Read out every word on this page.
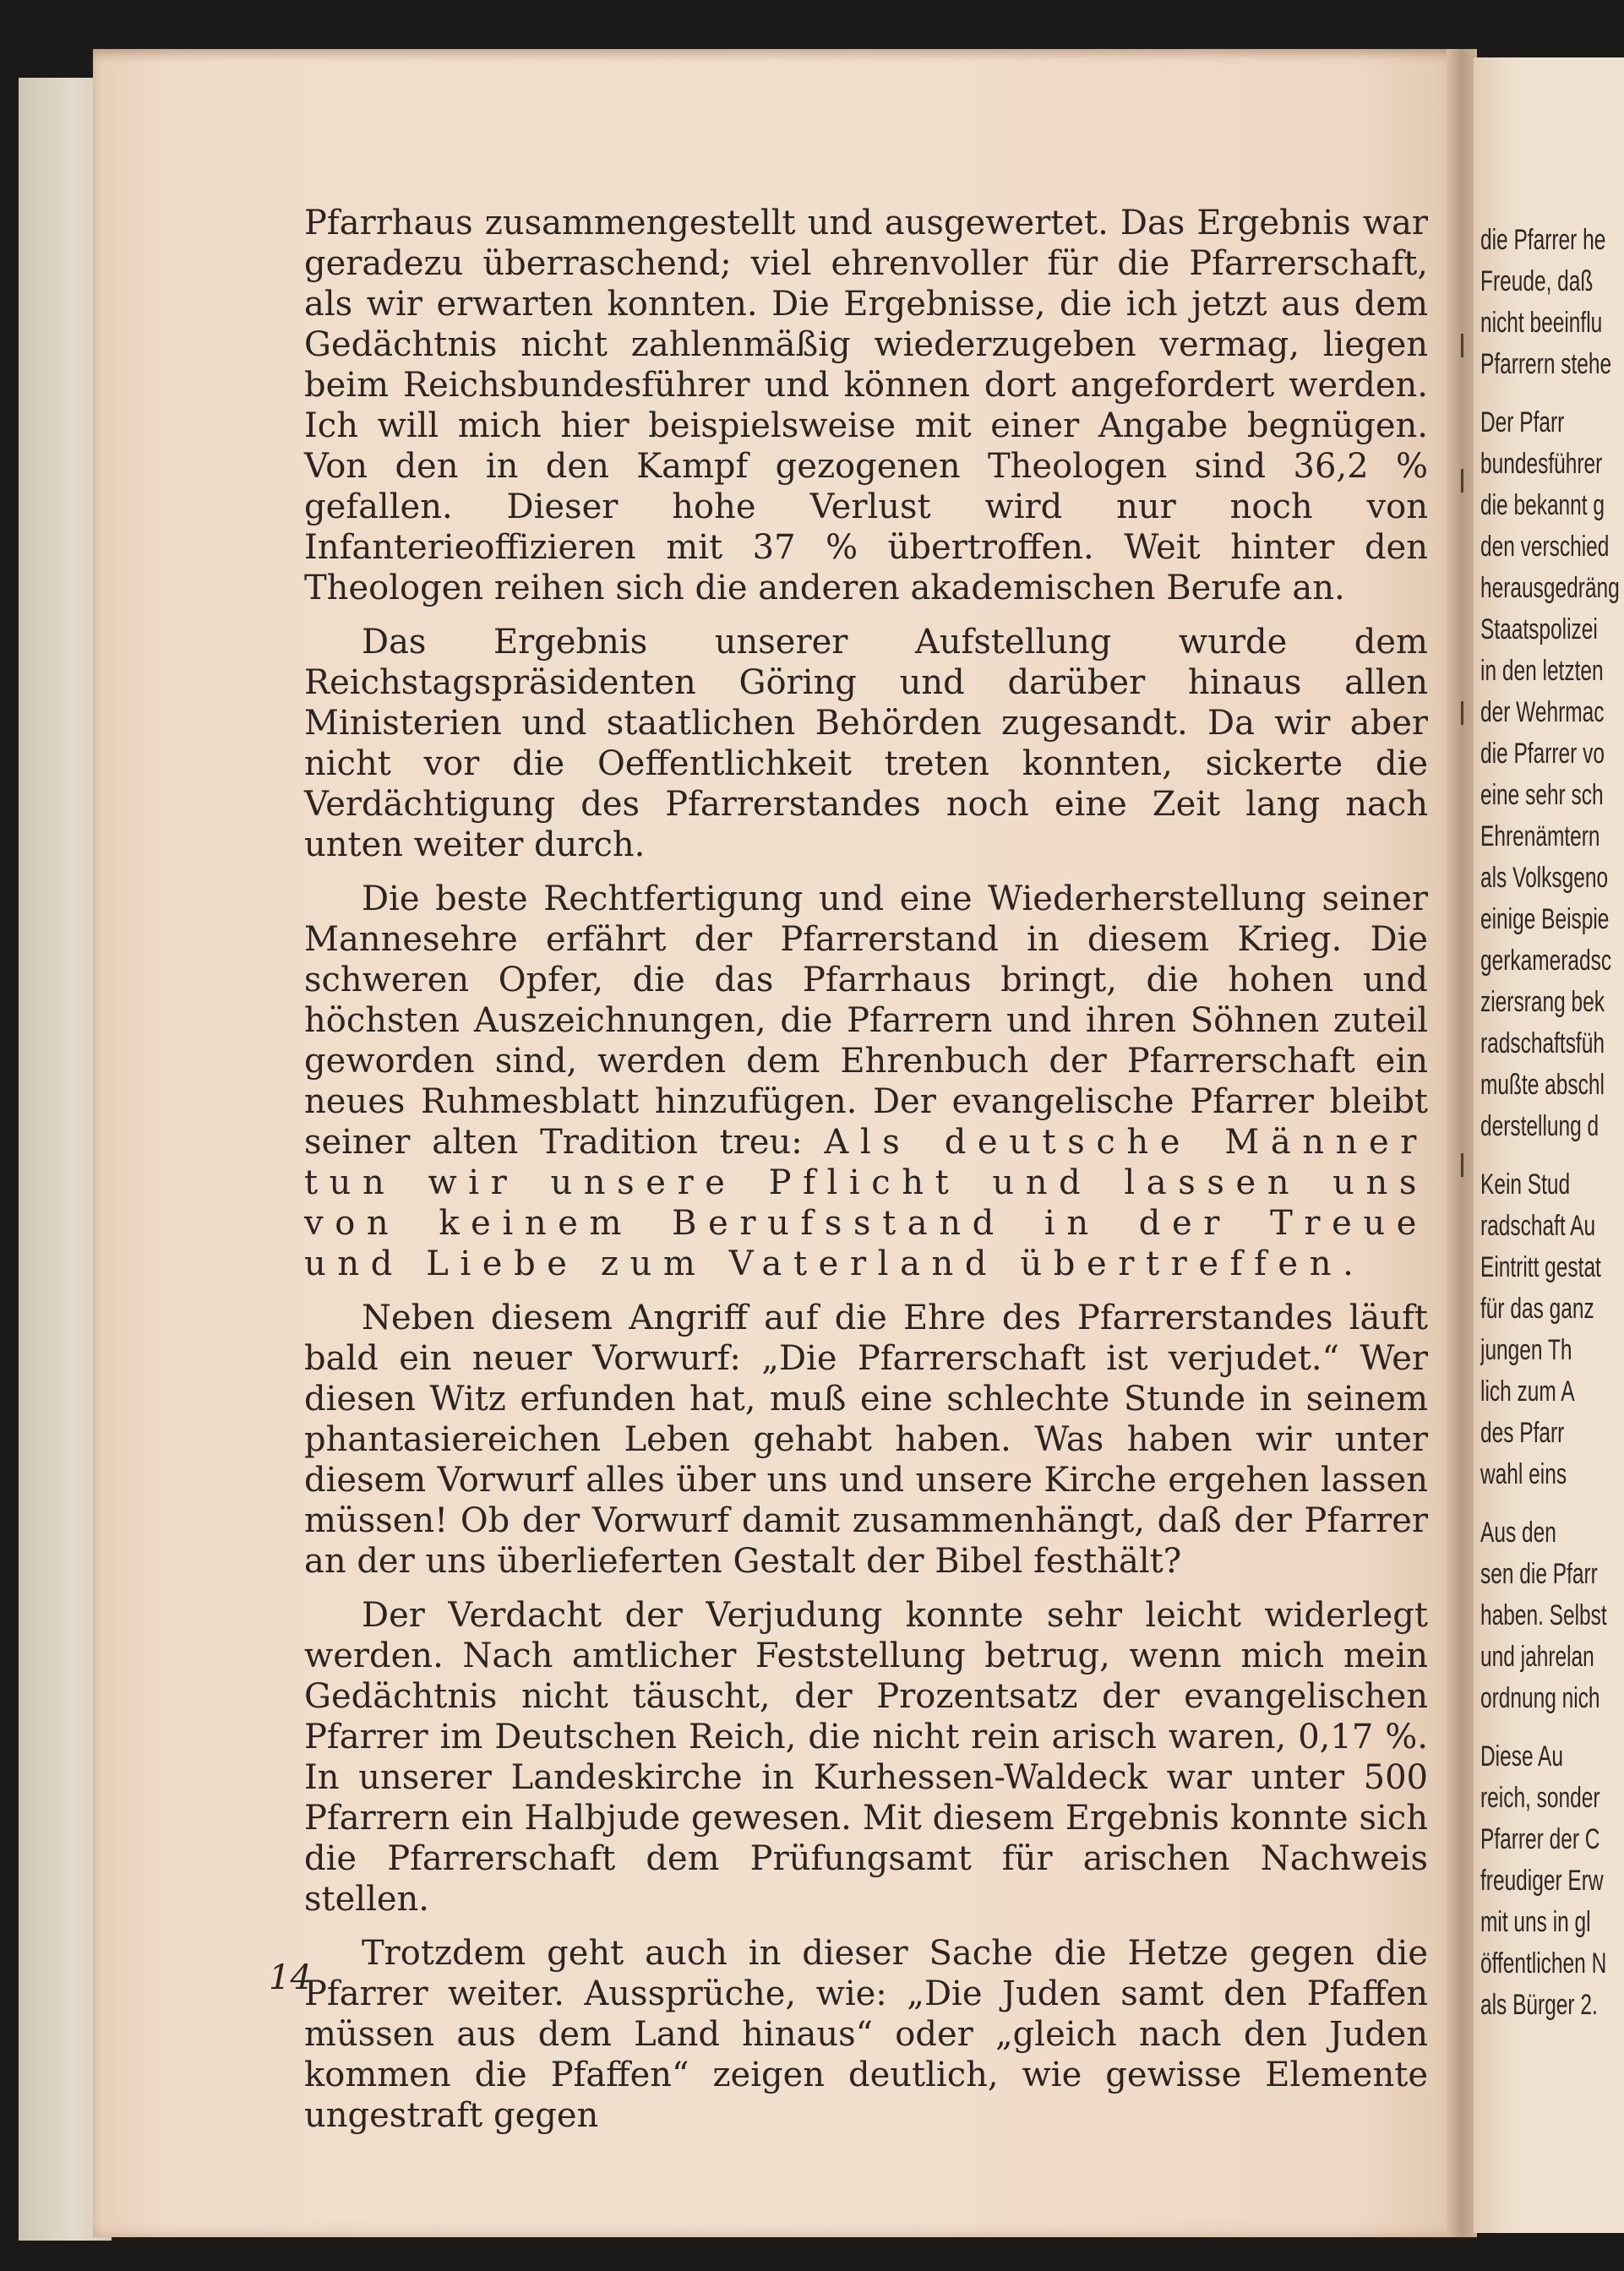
Pfarrhaus zusammengestellt und ausgewertet. Das Ergebnis war geradezu überraschend; viel ehrenvoller für die Pfarrerschaft, als wir erwarten konnten. Die Ergebnisse, die ich jetzt aus dem Gedächtnis nicht zahlenmäßig wiederzugeben vermag, liegen beim Reichsbundesführer und können dort angefordert werden. Ich will mich hier beispielsweise mit einer Angabe begnügen. Von den in den Kampf gezogenen Theologen sind 36,2 % gefallen. Dieser hohe Verlust wird nur noch von Infanterieoffizieren mit 37 % übertroffen. Weit hinter den Theologen reihen sich die anderen akademischen Berufe an.

Das Ergebnis unserer Aufstellung wurde dem Reichstagspräsidenten Göring und darüber hinaus allen Ministerien und staatlichen Behörden zugesandt. Da wir aber nicht vor die Oeffentlichkeit treten konnten, sickerte die Verdächtigung des Pfarrerstandes noch eine Zeit lang nach unten weiter durch.

Die beste Rechtfertigung und eine Wiederherstellung seiner Mannesehre erfährt der Pfarrerstand in diesem Krieg. Die schweren Opfer, die das Pfarrhaus bringt, die hohen und höchsten Auszeichnungen, die Pfarrern und ihren Söhnen zuteil geworden sind, werden dem Ehrenbuch der Pfarrerschaft ein neues Ruhmesblatt hinzufügen. Der evangelische Pfarrer bleibt seiner alten Tradition treu: Als deutsche Männer tun wir unsere Pflicht und lassen uns von keinem Berufsstand in der Treue und Liebe zum Vaterland übertreffen.

Neben diesem Angriff auf die Ehre des Pfarrerstandes läuft bald ein neuer Vorwurf: „Die Pfarrerschaft ist verjudet.“ Wer diesen Witz erfunden hat, muß eine schlechte Stunde in seinem phantasiereichen Leben gehabt haben. Was haben wir unter diesem Vorwurf alles über uns und unsere Kirche ergehen lassen müssen! Ob der Vorwurf damit zusammenhängt, daß der Pfarrer an der uns überlieferten Gestalt der Bibel festhält?

Der Verdacht der Verjudung konnte sehr leicht widerlegt werden. Nach amtlicher Feststellung betrug, wenn mich mein Gedächtnis nicht täuscht, der Prozentsatz der evangelischen Pfarrer im Deutschen Reich, die nicht rein arisch waren, 0,17 %. In unserer Landeskirche in Kurhessen-Waldeck war unter 500 Pfarrern ein Halbjude gewesen. Mit diesem Ergebnis konnte sich die Pfarrerschaft dem Prüfungsamt für arischen Nachweis stellen.

Trotzdem geht auch in dieser Sache die Hetze gegen die Pfarrer weiter. Aussprüche, wie: „Die Juden samt den Pfaffen müssen aus dem Land hinaus“ oder „gleich nach den Juden kommen die Pfaffen“ zeigen deutlich, wie gewisse Elemente ungestraft gegen

14
die Pfarrer he
Freude, daß
nicht beeinflu
Pfarrern stehe
Der Pfarr
bundesführer
die bekannt g
den verschied
herausgedräng
Staatspolizei
in den letzten
der Wehrmac
die Pfarrer vo
eine sehr sch
Ehrenämtern
als Volksgeno
einige Beispie
gerkameradsc
ziersrang bek
radschaftsfüh
mußte abschl
derstellung d
Kein Stud
radschaft Au
Eintritt gestat
für das ganz
jungen Th
lich zum A
des Pfarr
wahl eins
Aus den
sen die Pfarr
haben. Selbst
und jahrelan
ordnung nich
Diese Au
reich, sonder
Pfarrer der C
freudiger Erw
mit uns in gl
öffentlichen N
als Bürger 2.
